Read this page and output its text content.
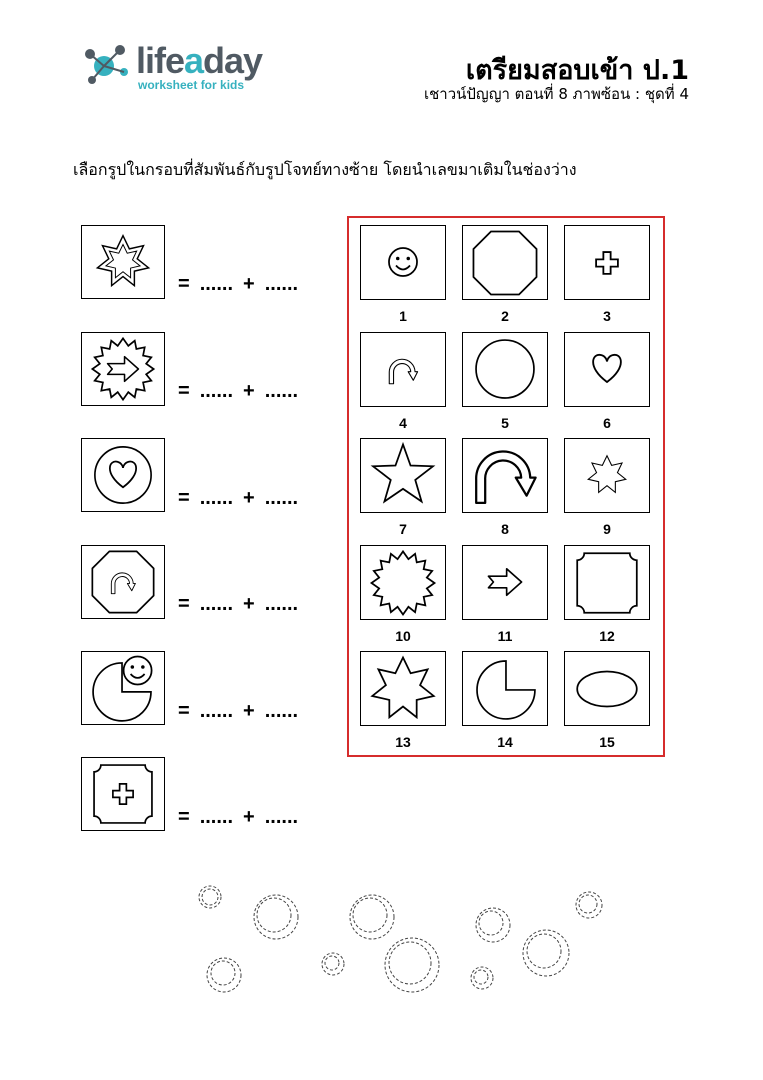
lifeaday
worksheet for kids	เตรียมสอบเข้า ป.1
เชาวน์ปัญญา ตอนที่ 8 ภาพซ้อน : ชุดที่ 4
เลือกรูปในกรอบที่สัมพันธ์กับรูปโจทย์ทางซ้าย โดยนำเลขมาเติมในช่องว่าง
= ...... + ......
= ...... + ......
= ...... + ......
= ...... + ......
= ...... + ......
= ...... + ......
1	2	3
4	5	6
7	8	9
10	11	12
13	14	15
